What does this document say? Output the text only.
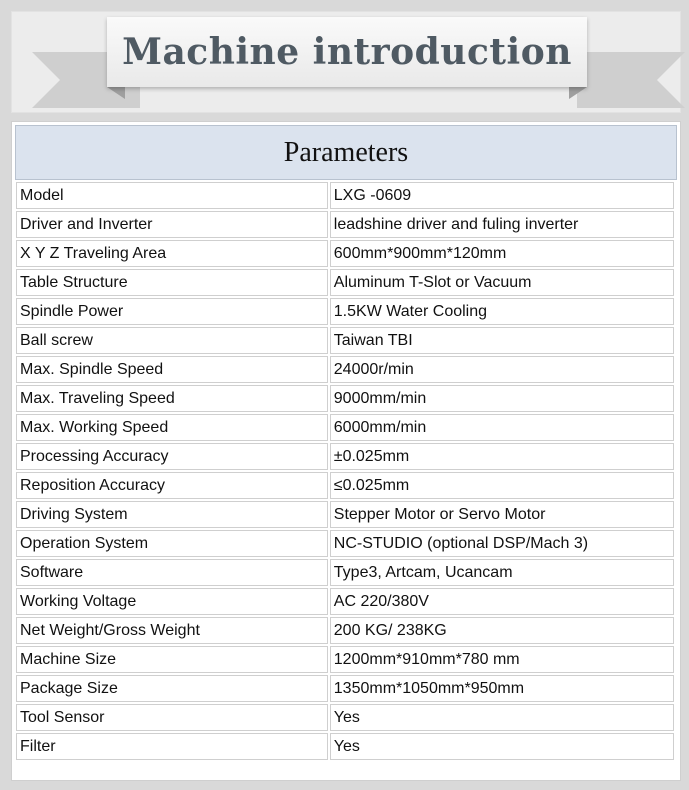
Machine introduction
Parameters
Model	LXG -0609
Driver and Inverter	leadshine driver and fuling inverter
X Y Z Traveling Area	600mm*900mm*120mm
Table Structure	Aluminum T-Slot or Vacuum
Spindle Power	1.5KW Water Cooling
Ball screw	Taiwan TBI
Max. Spindle Speed	24000r/min
Max. Traveling Speed	9000mm/min
Max. Working Speed	6000mm/min
Processing Accuracy	±0.025mm
Reposition Accuracy	≤0.025mm
Driving System	Stepper Motor or Servo Motor
Operation System	NC-STUDIO (optional DSP/Mach 3)
Software	Type3, Artcam, Ucancam
Working Voltage	AC 220/380V
Net Weight/Gross Weight	200 KG/ 238KG
Machine Size	1200mm*910mm*780 mm
Package Size	1350mm*1050mm*950mm
Tool Sensor	Yes
Filter	Yes
